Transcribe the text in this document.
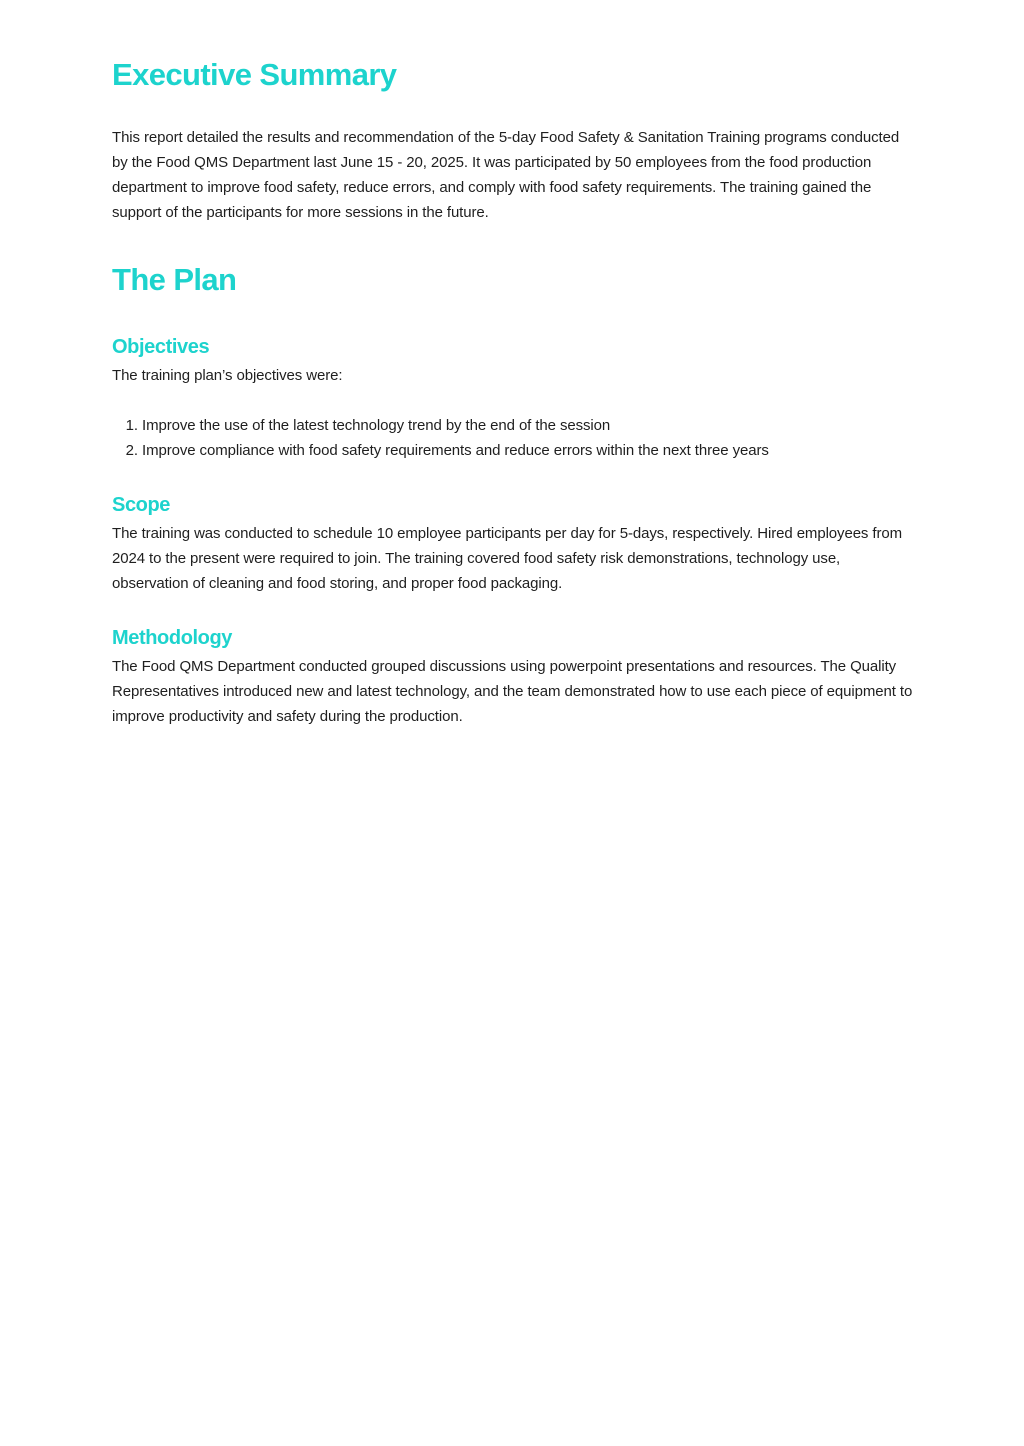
Executive Summary

This report detailed the results and recommendation of the 5-day Food Safety & Sanitation Training programs conducted by the Food QMS Department last June 15 - 20, 2025. It was participated by 50 employees from the food production department to improve food safety, reduce errors, and comply with food safety requirements. The training gained the support of the participants for more sessions in the future.

The Plan
Objectives

The training plan’s objectives were:

1. Improve the use of the latest technology trend by the end of the session
2. Improve compliance with food safety requirements and reduce errors within the next three years
Scope

The training was conducted to schedule 10 employee participants per day for 5-days, respectively. Hired employees from 2024 to the present were required to join. The training covered food safety risk demonstrations, technology use, observation of cleaning and food storing, and proper food packaging.

Methodology

The Food QMS Department conducted grouped discussions using powerpoint presentations and resources. The Quality Representatives introduced new and latest technology, and the team demonstrated how to use each piece of equipment to improve productivity and safety during the production.
